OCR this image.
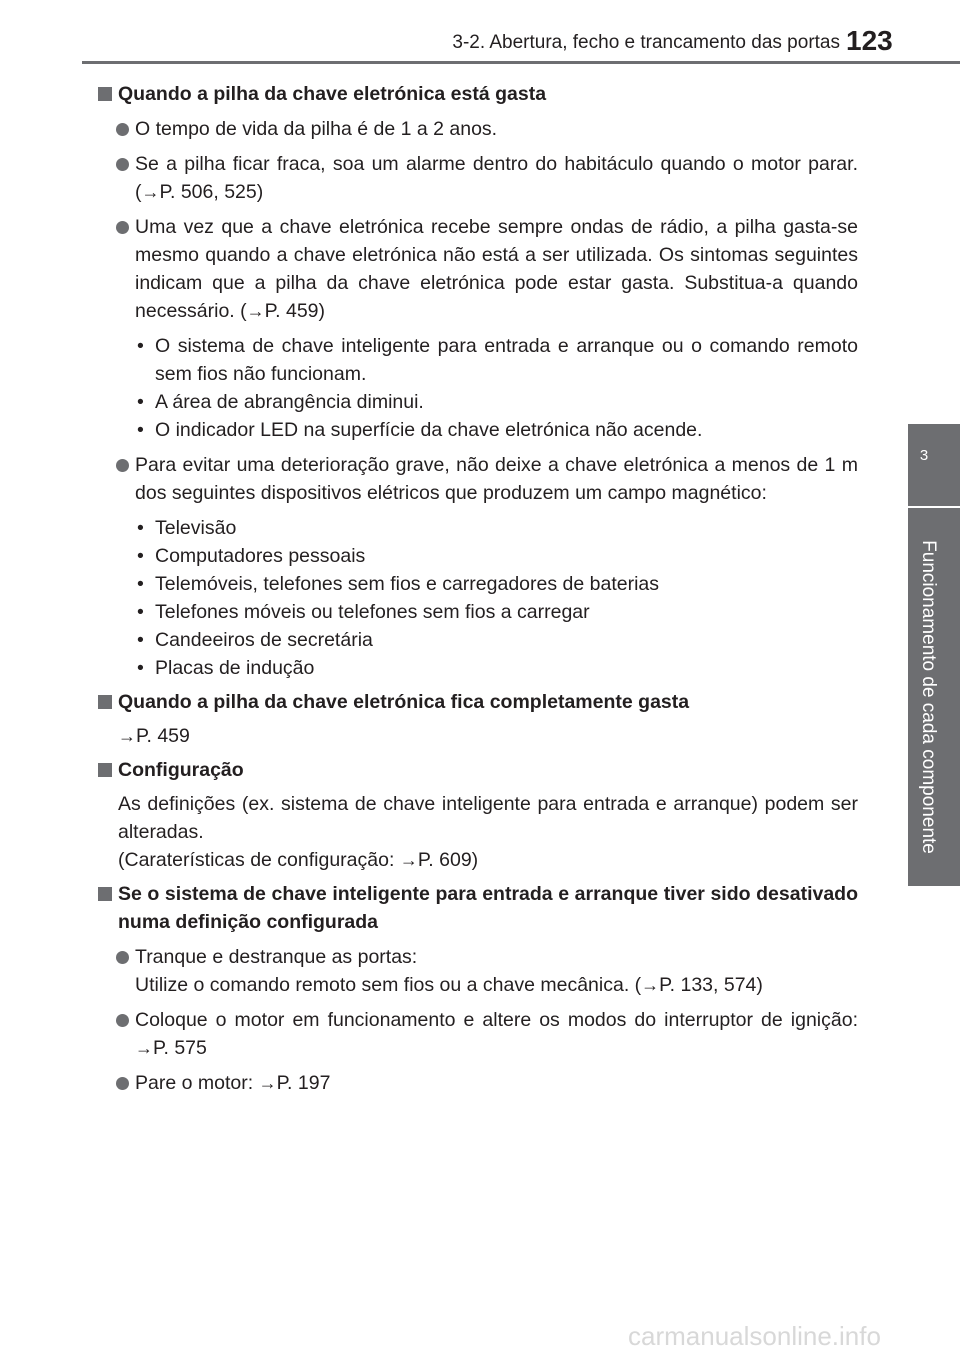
3-2. Abertura, fecho e trancamento das portas 123
3
Funcionamento de cada componente
Quando a pilha da chave eletrónica está gasta
O tempo de vida da pilha é de 1 a 2 anos.
Se a pilha ficar fraca, soa um alarme dentro do habitáculo quando o motor parar. (→P. 506, 525)
Uma vez que a chave eletrónica recebe sempre ondas de rádio, a pilha gasta-se mesmo quando a chave eletrónica não está a ser utilizada. Os sintomas seguintes indicam que a pilha da chave eletrónica pode estar gasta. Substitua-a quando necessário. (→P. 459)
• O sistema de chave inteligente para entrada e arranque ou o comando remoto sem fios não funcionam.
• A área de abrangência diminui.
• O indicador LED na superfície da chave eletrónica não acende.
Para evitar uma deterioração grave, não deixe a chave eletrónica a menos de 1 m dos seguintes dispositivos elétricos que produzem um campo magnético:
• Televisão
• Computadores pessoais
• Telemóveis, telefones sem fios e carregadores de baterias
• Telefones móveis ou telefones sem fios a carregar
• Candeeiros de secretária
• Placas de indução
Quando a pilha da chave eletrónica fica completamente gasta
→P. 459
Configuração
As definições (ex. sistema de chave inteligente para entrada e arranque) podem ser alteradas.
(Caraterísticas de configuração: →P. 609)
Se o sistema de chave inteligente para entrada e arranque tiver sido desativado numa definição configurada
Tranque e destranque as portas:
Utilize o comando remoto sem fios ou a chave mecânica. (→P. 133, 574)
Coloque o motor em funcionamento e altere os modos do interruptor de ignição: →P. 575
Pare o motor: →P. 197
carmanualsonline.info
